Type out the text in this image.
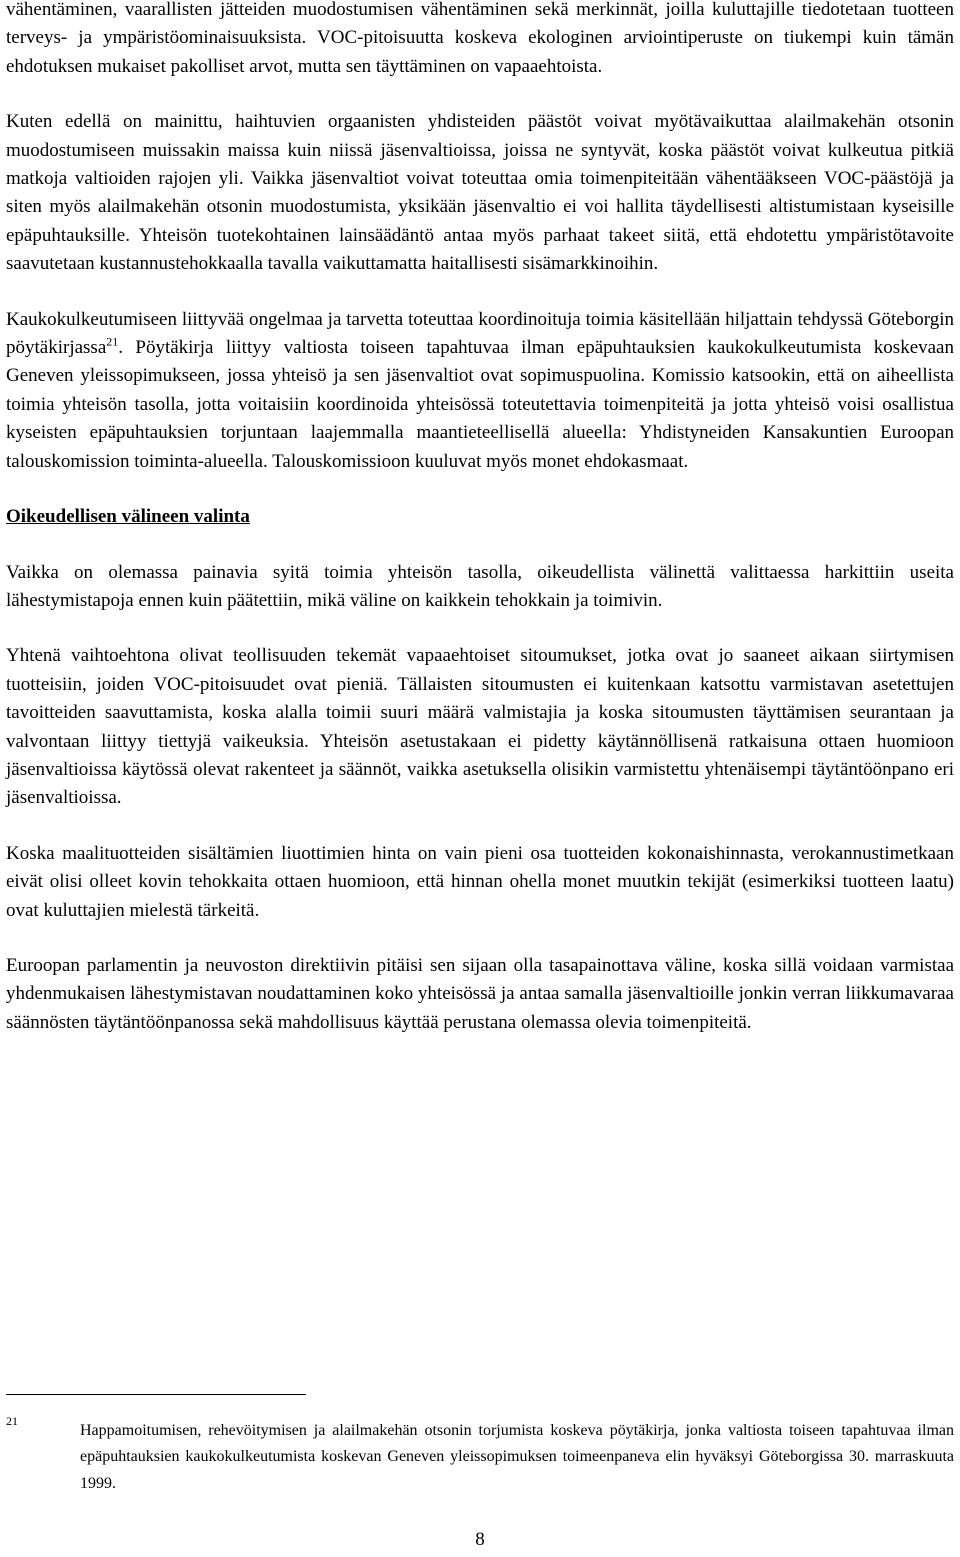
vähentäminen, vaarallisten jätteiden muodostumisen vähentäminen sekä merkinnät, joilla kuluttajille tiedotetaan tuotteen terveys- ja ympäristöominaisuuksista. VOC-pitoisuutta koskeva ekologinen arviointiperuste on tiukempi kuin tämän ehdotuksen mukaiset pakolliset arvot, mutta sen täyttäminen on vapaaehtoista.

Kuten edellä on mainittu, haihtuvien orgaanisten yhdisteiden päästöt voivat myötävaikuttaa alailmakehän otsonin muodostumiseen muissakin maissa kuin niissä jäsenvaltioissa, joissa ne syntyvät, koska päästöt voivat kulkeutua pitkiä matkoja valtioiden rajojen yli. Vaikka jäsenvaltiot voivat toteuttaa omia toimenpiteitään vähentääkseen VOC-päästöjä ja siten myös alailmakehän otsonin muodostumista, yksikään jäsenvaltio ei voi hallita täydellisesti altistumistaan kyseisille epäpuhtauksille. Yhteisön tuotekohtainen lainsäädäntö antaa myös parhaat takeet siitä, että ehdotettu ympäristötavoite saavutetaan kustannustehokkaalla tavalla vaikuttamatta haitallisesti sisämarkkinoihin.

Kaukokulkeutumiseen liittyvää ongelmaa ja tarvetta toteuttaa koordinoituja toimia käsitellään hiljattain tehdyssä Göteborgin pöytäkirjassa$^{21}$. Pöytäkirja liittyy valtiosta toiseen tapahtuvaa ilman epäpuhtauksien kaukokulkeutumista koskevaan Geneven yleissopimukseen, jossa yhteisö ja sen jäsenvaltiot ovat sopimuspuolina. Komissio katsookin, että on aiheellista toimia yhteisön tasolla, jotta voitaisiin koordinoida yhteisössä toteutettavia toimenpiteitä ja jotta yhteisö voisi osallistua kyseisten epäpuhtauksien torjuntaan laajemmalla maantieteellisellä alueella: Yhdistyneiden Kansakuntien Euroopan talouskomission toiminta-alueella. Talouskomissioon kuuluvat myös monet ehdokasmaat.

Oikeudellisen välineen valinta

Vaikka on olemassa painavia syitä toimia yhteisön tasolla, oikeudellista välinettä valittaessa harkittiin useita lähestymistapoja ennen kuin päätettiin, mikä väline on kaikkein tehokkain ja toimivin.

Yhtenä vaihtoehtona olivat teollisuuden tekemät vapaaehtoiset sitoumukset, jotka ovat jo saaneet aikaan siirtymisen tuotteisiin, joiden VOC-pitoisuudet ovat pieniä. Tällaisten sitoumusten ei kuitenkaan katsottu varmistavan asetettujen tavoitteiden saavuttamista, koska alalla toimii suuri määrä valmistajia ja koska sitoumusten täyttämisen seurantaan ja valvontaan liittyy tiettyjä vaikeuksia. Yhteisön asetustakaan ei pidetty käytännöllisenä ratkaisuna ottaen huomioon jäsenvaltioissa käytössä olevat rakenteet ja säännöt, vaikka asetuksella olisikin varmistettu yhtenäisempi täytäntöönpano eri jäsenvaltioissa.

Koska maalituotteiden sisältämien liuottimien hinta on vain pieni osa tuotteiden kokonaishinnasta, verokannustimetkaan eivät olisi olleet kovin tehokkaita ottaen huomioon, että hinnan ohella monet muutkin tekijät (esimerkiksi tuotteen laatu) ovat kuluttajien mielestä tärkeitä.

Euroopan parlamentin ja neuvoston direktiivin pitäisi sen sijaan olla tasapainottava väline, koska sillä voidaan varmistaa yhdenmukaisen lähestymistavan noudattaminen koko yhteisössä ja antaa samalla jäsenvaltioille jonkin verran liikkumavaraa säännösten täytäntöönpanossa sekä mahdollisuus käyttää perustana olemassa olevia toimenpiteitä.

21

Happamoitumisen, rehevöitymisen ja alailmakehän otsonin torjumista koskeva pöytäkirja, jonka valtiosta toiseen tapahtuvaa ilman epäpuhtauksien kaukokulkeutumista koskevan Geneven yleissopimuksen toimeenpaneva elin hyväksyi Göteborgissa 30. marraskuuta 1999.

8
